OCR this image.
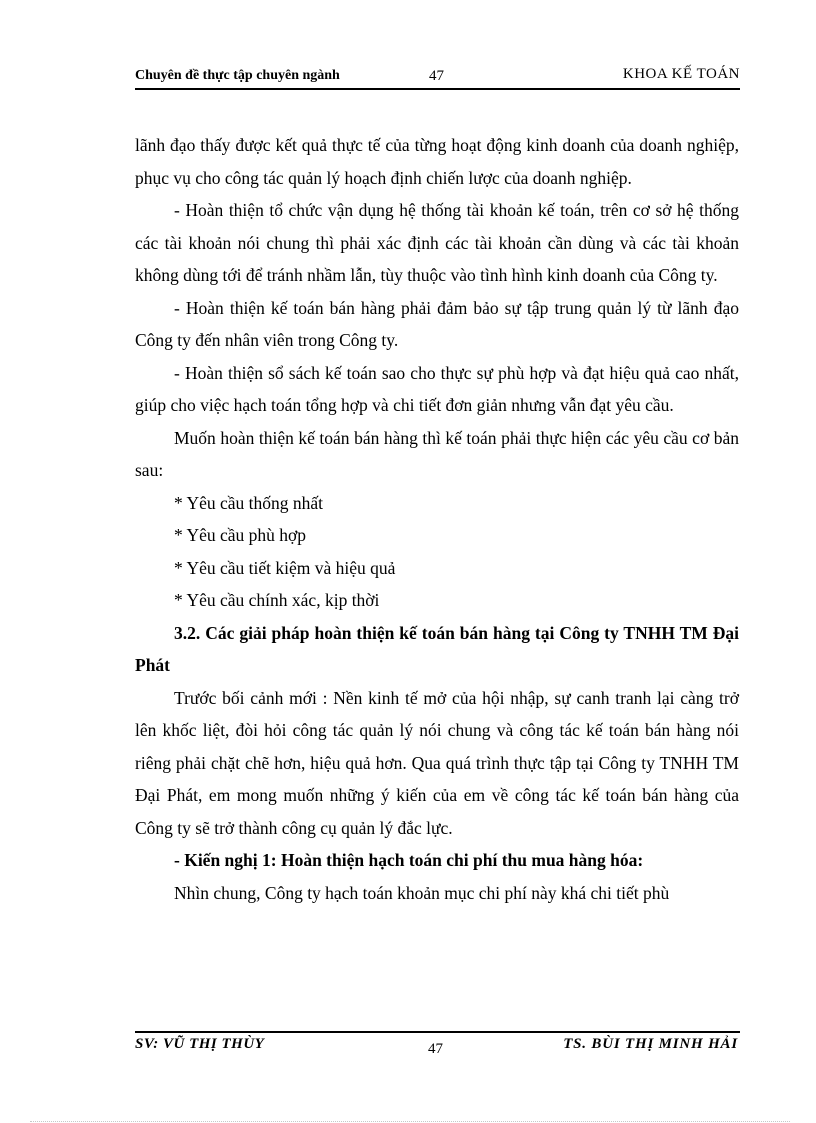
Chuyên đề thực tập chuyên ngành	47	KHOA KẾ TOÁN

lãnh đạo thấy được kết quả thực tế của từng hoạt động kinh doanh của doanh nghiệp, phục vụ cho công tác quản lý hoạch định chiến lược của doanh nghiệp.

- Hoàn thiện tổ chức vận dụng hệ thống tài khoản kế toán, trên cơ sở hệ thống các tài khoản nói chung thì phải xác định các tài khoản cần dùng và các tài khoản không dùng tới để tránh nhầm lẫn, tùy thuộc vào tình hình kinh doanh của Công ty.

- Hoàn thiện kế toán bán hàng phải đảm bảo sự tập trung quản lý từ lãnh đạo Công ty đến nhân viên trong Công ty.

- Hoàn thiện sổ sách kế toán sao cho thực sự phù hợp và đạt hiệu quả cao nhất, giúp cho việc hạch toán tổng hợp và chi tiết đơn giản nhưng vẫn đạt yêu cầu.

Muốn hoàn thiện kế toán bán hàng thì kế toán phải thực hiện các yêu cầu cơ bản sau:

* Yêu cầu thống nhất

* Yêu cầu phù hợp

* Yêu cầu tiết kiệm và hiệu quả

* Yêu cầu chính xác, kịp thời

3.2. Các giải pháp hoàn thiện kế toán bán hàng tại Công ty TNHH TM Đại Phát

Trước bối cảnh mới : Nền kinh tế mở của hội nhập, sự canh tranh lại càng trở lên khốc liệt, đòi hỏi công tác quản lý nói chung và công tác kế toán bán hàng nói riêng phải chặt chẽ hơn, hiệu quả hơn. Qua quá trình thực tập tại Công ty TNHH TM Đại Phát, em mong muốn những ý kiến của em về công tác kế toán bán hàng của Công ty sẽ trở thành công cụ quản lý đắc lực.

- Kiến nghị 1: Hoàn thiện hạch toán chi phí thu mua hàng hóa:

Nhìn chung, Công ty hạch toán khoản mục chi phí này khá chi tiết phù

SV: VŨ THỊ THÙY	47	TS. BÙI THỊ MINH HẢI
